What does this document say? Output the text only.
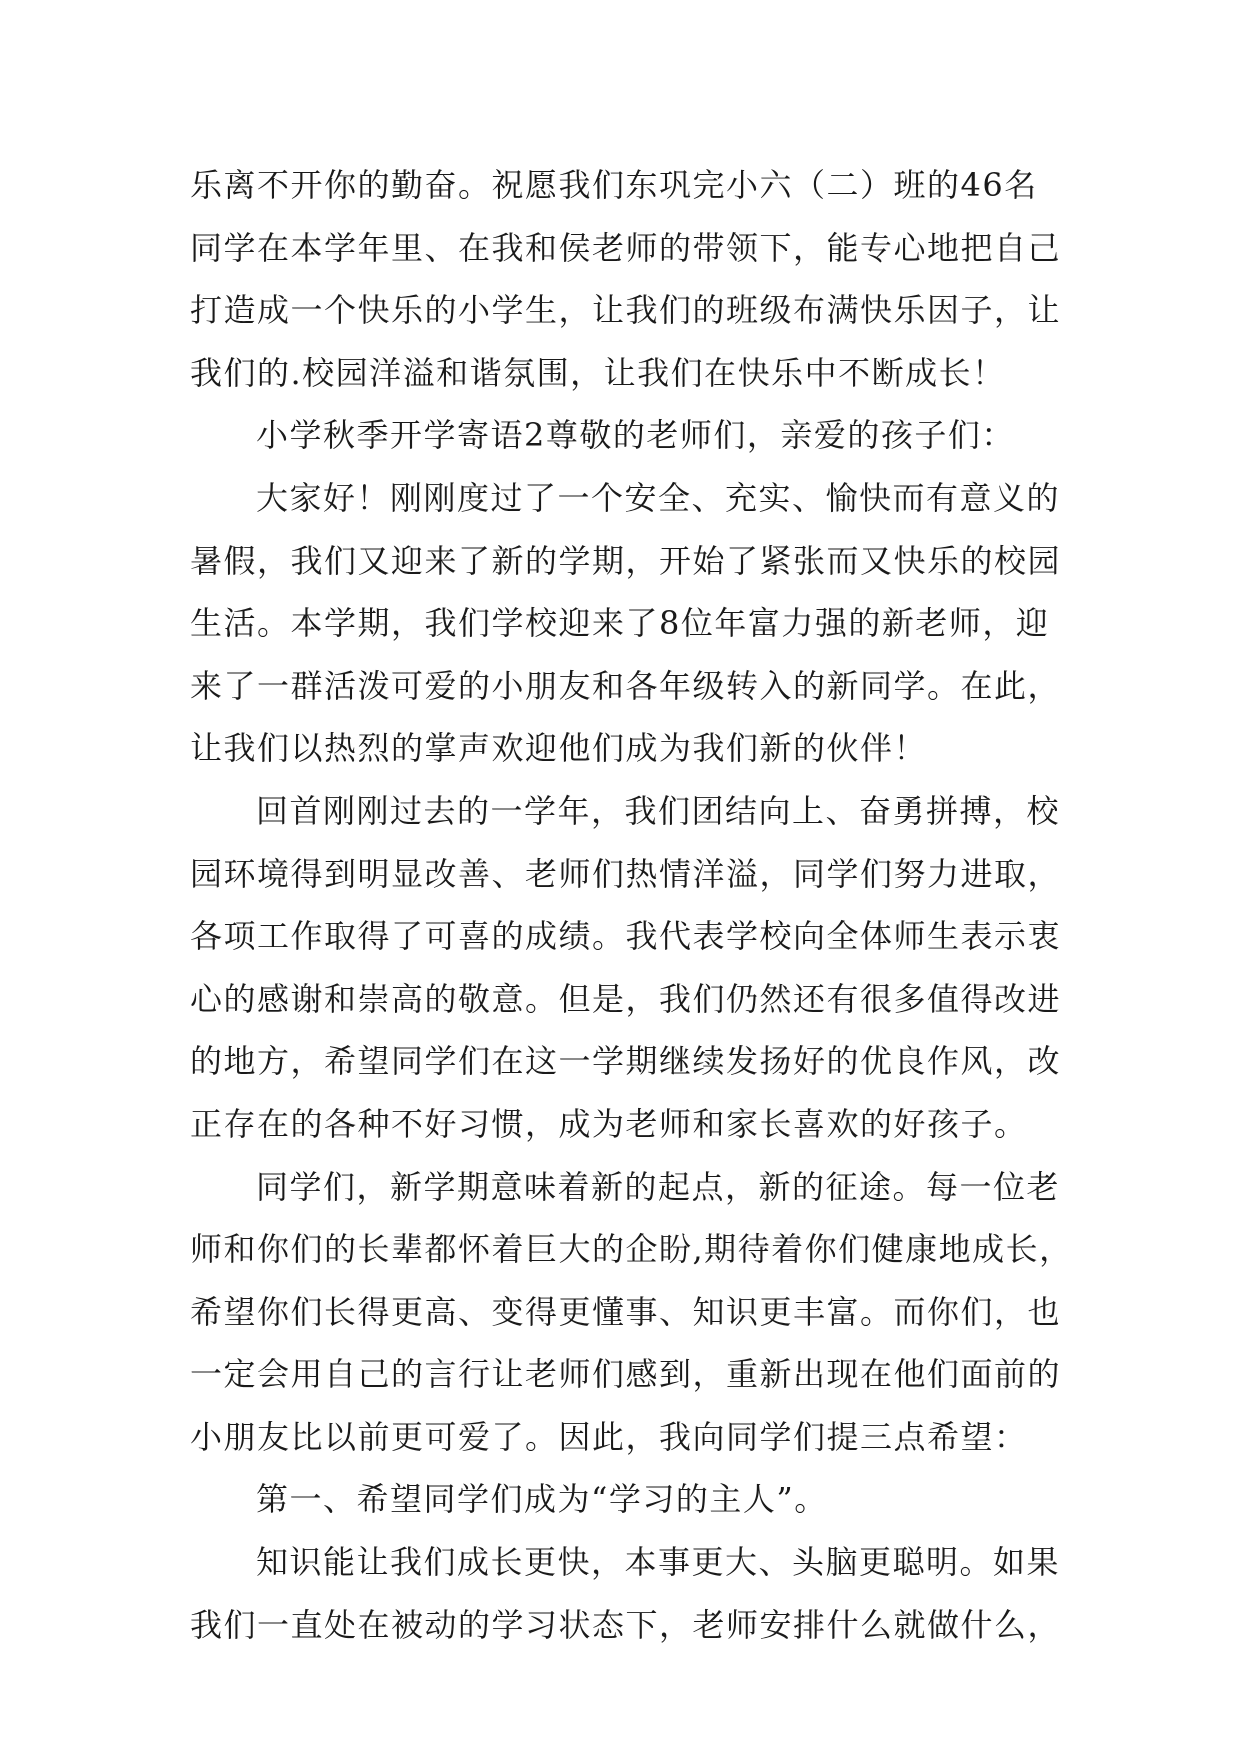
乐离不开你的勤奋。祝愿我们东巩完小六（二）班的46名
同学在本学年里、在我和侯老师的带领下，能专心地把自己
打造成一个快乐的小学生，让我们的班级布满快乐因子，让
我们的.校园洋溢和谐氛围，让我们在快乐中不断成长！
小学秋季开学寄语2尊敬的老师们，亲爱的孩子们：
大家好！刚刚度过了一个安全、充实、愉快而有意义的
暑假，我们又迎来了新的学期，开始了紧张而又快乐的校园
生活。本学期，我们学校迎来了8位年富力强的新老师，迎
来了一群活泼可爱的小朋友和各年级转入的新同学。在此，
让我们以热烈的掌声欢迎他们成为我们新的伙伴！
回首刚刚过去的一学年，我们团结向上、奋勇拼搏，校
园环境得到明显改善、老师们热情洋溢，同学们努力进取，
各项工作取得了可喜的成绩。我代表学校向全体师生表示衷
心的感谢和崇高的敬意。但是，我们仍然还有很多值得改进
的地方，希望同学们在这一学期继续发扬好的优良作风，改
正存在的各种不好习惯，成为老师和家长喜欢的好孩子。
同学们，新学期意味着新的起点，新的征途。每一位老
师和你们的长辈都怀着巨大的企盼,期待着你们健康地成长，
希望你们长得更高、变得更懂事、知识更丰富。而你们，也
一定会用自己的言行让老师们感到，重新出现在他们面前的
小朋友比以前更可爱了。因此，我向同学们提三点希望：
第一、希望同学们成为“学习的主人”。
知识能让我们成长更快，本事更大、头脑更聪明。如果
我们一直处在被动的学习状态下，老师安排什么就做什么，
